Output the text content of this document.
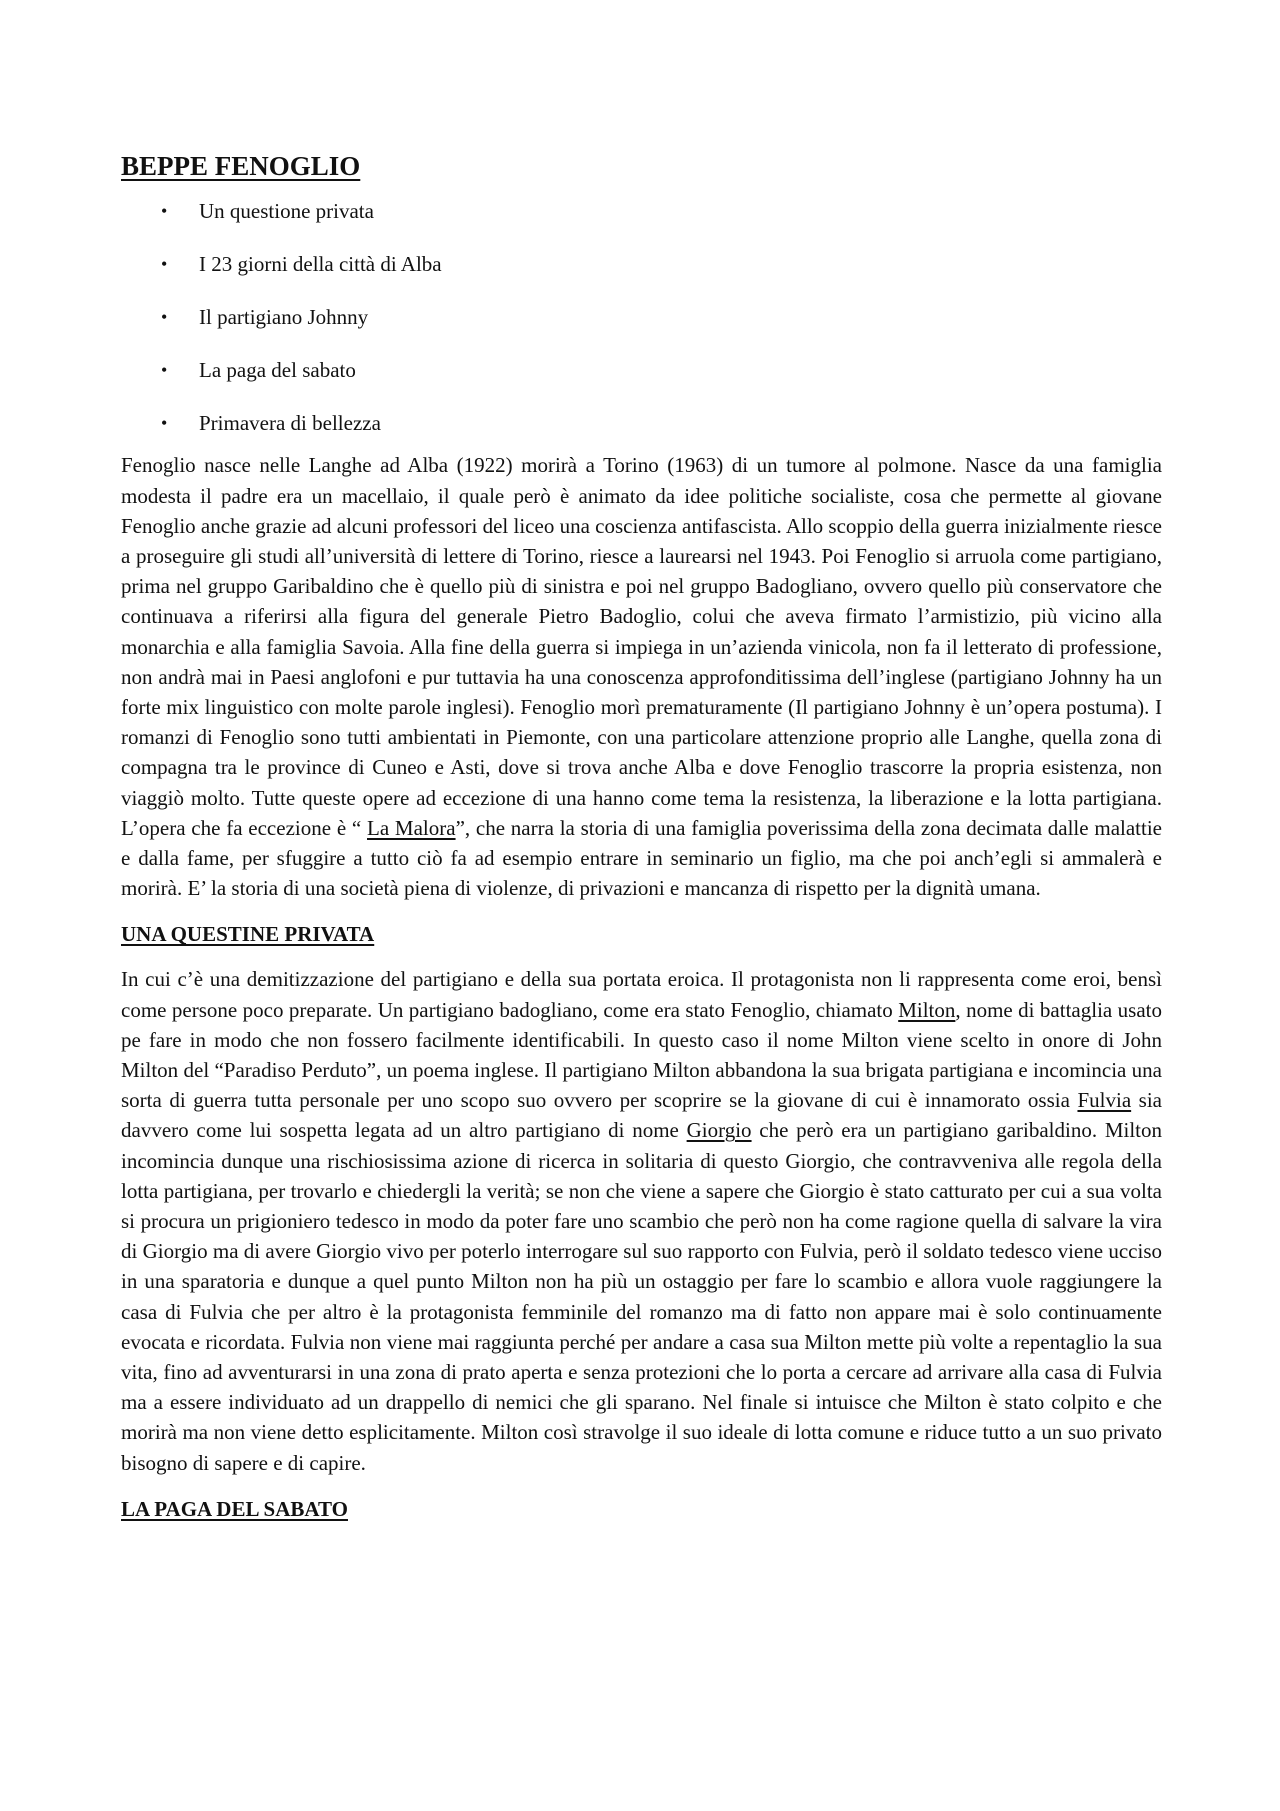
BEPPE FENOGLIO
• Un questione privata
• I 23 giorni della città di Alba
• Il partigiano Johnny
• La paga del sabato
• Primavera di bellezza

Fenoglio nasce nelle Langhe ad Alba (1922) morirà a Torino (1963) di un tumore al polmone. Nasce da una famiglia modesta il padre era un macellaio, il quale però è animato da idee politiche socialiste, cosa che permette al giovane Fenoglio anche grazie ad alcuni professori del liceo una coscienza antifascista. Allo scoppio della guerra inizialmente riesce a proseguire gli studi all’università di lettere di Torino, riesce a laurearsi nel 1943. Poi Fenoglio si arruola come partigiano, prima nel gruppo Garibaldino che è quello più di sinistra e poi nel gruppo Badogliano, ovvero quello più conservatore che continuava a riferirsi alla figura del generale Pietro Badoglio, colui che aveva firmato l’armistizio, più vicino alla monarchia e alla famiglia Savoia. Alla fine della guerra si impiega in un’azienda vinicola, non fa il letterato di professione, non andrà mai in Paesi anglofoni e pur tuttavia ha una conoscenza approfonditissima dell’inglese (partigiano Johnny ha un forte mix linguistico con molte parole inglesi). Fenoglio morì prematuramente (Il partigiano Johnny è un’opera postuma). I romanzi di Fenoglio sono tutti ambientati in Piemonte, con una particolare attenzione proprio alle Langhe, quella zona di compagna tra le province di Cuneo e Asti, dove si trova anche Alba e dove Fenoglio trascorre la propria esistenza, non viaggiò molto. Tutte queste opere ad eccezione di una hanno come tema la resistenza, la liberazione e la lotta partigiana. L’opera che fa eccezione è “ La Malora”, che narra la storia di una famiglia poverissima della zona decimata dalle malattie e dalla fame, per sfuggire a tutto ciò fa ad esempio entrare in seminario un figlio, ma che poi anch’egli si ammalerà e morirà. E’ la storia di una società piena di violenze, di privazioni e mancanza di rispetto per la dignità umana.

UNA QUESTINE PRIVATA

In cui c’è una demitizzazione del partigiano e della sua portata eroica. Il protagonista non li rappresenta come eroi, bensì come persone poco preparate. Un partigiano badogliano, come era stato Fenoglio, chiamato Milton, nome di battaglia usato pe fare in modo che non fossero facilmente identificabili. In questo caso il nome Milton viene scelto in onore di John Milton del “Paradiso Perduto”, un poema inglese. Il partigiano Milton abbandona la sua brigata partigiana e incomincia una sorta di guerra tutta personale per uno scopo suo ovvero per scoprire se la giovane di cui è innamorato ossia Fulvia sia davvero come lui sospetta legata ad un altro partigiano di nome Giorgio che però era un partigiano garibaldino. Milton incomincia dunque una rischiosissima azione di ricerca in solitaria di questo Giorgio, che contravveniva alle regola della lotta partigiana, per trovarlo e chiedergli la verità; se non che viene a sapere che Giorgio è stato catturato per cui a sua volta si procura un prigioniero tedesco in modo da poter fare uno scambio che però non ha come ragione quella di salvare la vira di Giorgio ma di avere Giorgio vivo per poterlo interrogare sul suo rapporto con Fulvia, però il soldato tedesco viene ucciso in una sparatoria e dunque a quel punto Milton non ha più un ostaggio per fare lo scambio e allora vuole raggiungere la casa di Fulvia che per altro è la protagonista femminile del romanzo ma di fatto non appare mai è solo continuamente evocata e ricordata. Fulvia non viene mai raggiunta perché per andare a casa sua Milton mette più volte a repentaglio la sua vita, fino ad avventurarsi in una zona di prato aperta e senza protezioni che lo porta a cercare ad arrivare alla casa di Fulvia ma a essere individuato ad un drappello di nemici che gli sparano. Nel finale si intuisce che Milton è stato colpito e che morirà ma non viene detto esplicitamente. Milton così stravolge il suo ideale di lotta comune e riduce tutto a un suo privato bisogno di sapere e di capire.

LA PAGA DEL SABATO
